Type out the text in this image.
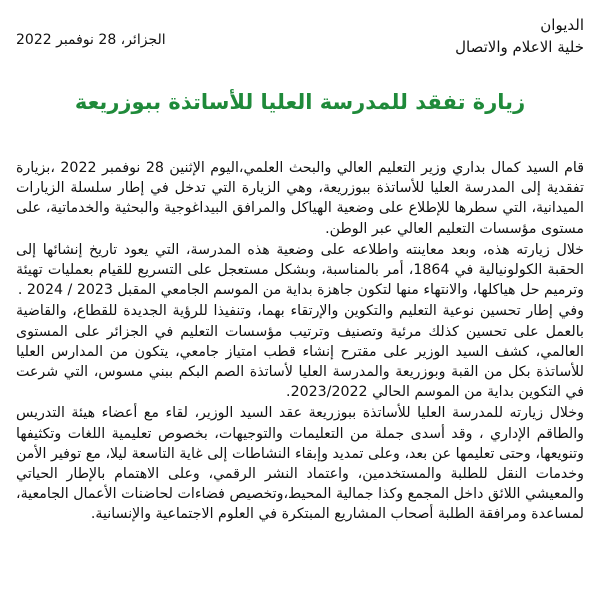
الديوان
خلية الاعلام والاتصال
الجزائر، 28 نوفمبر 2022
زيارة تفقد للمدرسة العليا للأساتذة ببوزريعة

قام السيد كمال بداري وزير التعليم العالي والبحث العلمي،اليوم الإثنين 28 نوفمبر 2022 ،بزيارة تفقدية إلى المدرسة العليا للأساتذة ببوزريعة، وهي الزيارة التي تدخل في إطار سلسلة الزيارات الميدانية، التي سطرها للإطلاع على وضعية الهياكل والمرافق البيداغوجية والبحثية والخدماتية، على مستوى مؤسسات التعليم العالي عبر الوطن.

خلال زيارته هذه، وبعد معاينته واطلاعه على وضعية هذه المدرسة، التي يعود تاريخ إنشائها إلى الحقبة الكولونيالية في 1864، أمر بالمناسبة، وبشكل مستعجل على التسريع للقيام بعمليات تهيئة وترميم حل هياكلها، والانتهاء منها لتكون جاهزة بداية من الموسم الجامعي المقبل 2023 / 2024 .

وفي إطار تحسين نوعية التعليم والتكوين والإرتقاء بهما، وتنفيذا للرؤية الجديدة للقطاع، والقاضية بالعمل على تحسين كذلك مرئية وتصنيف وترتيب مؤسسات التعليم في الجزائر على المستوى العالمي، كشف السيد الوزير على مقترح إنشاء قطب امتياز جامعي، يتكون من المدارس العليا للأساتذة بكل من القبة وبوزريعة والمدرسة العليا لأساتذة الصم البكم ببني مسوس، التي شرعت في التكوين بداية من الموسم الحالي 2023/2022.

وخلال زيارته للمدرسة العليا للأساتذة ببوزريعة عقد السيد الوزير، لقاء مع أعضاء هيئة التدريس والطاقم الإداري ، وقد أسدى جملة من التعليمات والتوجيهات، بخصوص تعليمية اللغات وتكثيفها وتنويعها، وحتى تعليمها عن بعد، وعلى تمديد وإبقاء النشاطات إلى غاية التاسعة ليلا، مع توفير الأمن وخدمات النقل للطلبة والمستخدمين، واعتماد النشر الرقمي، وعلى الاهتمام بالإطار الحياتي والمعيشي اللائق داخل المجمع وكذا جمالية المحيط،وتخصيص فضاءات لحاضنات الأعمال الجامعية، لمساعدة ومرافقة الطلبة أصحاب المشاريع المبتكرة في العلوم الاجتماعية والإنسانية.
